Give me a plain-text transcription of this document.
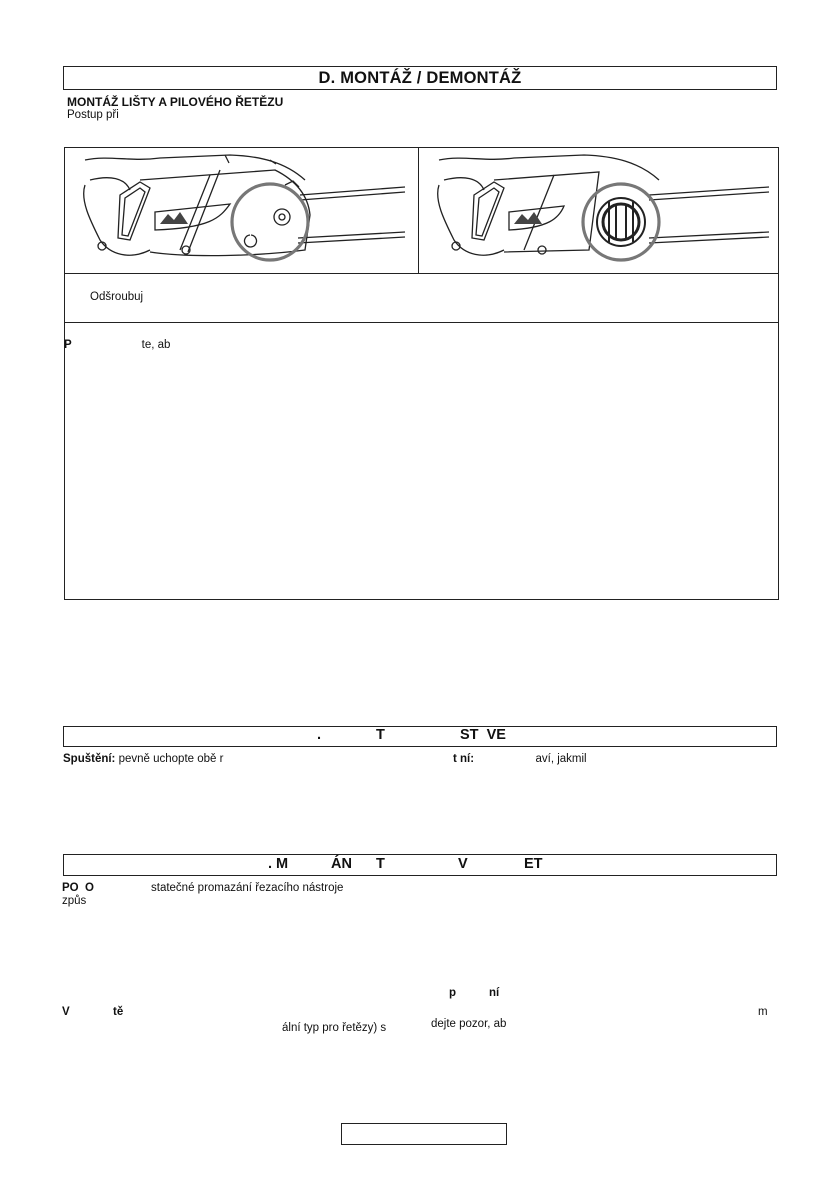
D. MONTÁŽ / DEMONTÁŽ
MONTÁŽ LIŠTY A PILOVÉHO ŘETĚZU
Postup při
Odšroubuj
P	te, ab
.	T	ST  VE
Spuštění: pevně uchopte obě r	t ní:	aví, jakmil
. M	ÁN T	V	ET
PO  O	statečné promazání řezacího nástroje
způs
p	ní
V	tě	m
ální typ pro řetězy) s	dejte pozor, ab
